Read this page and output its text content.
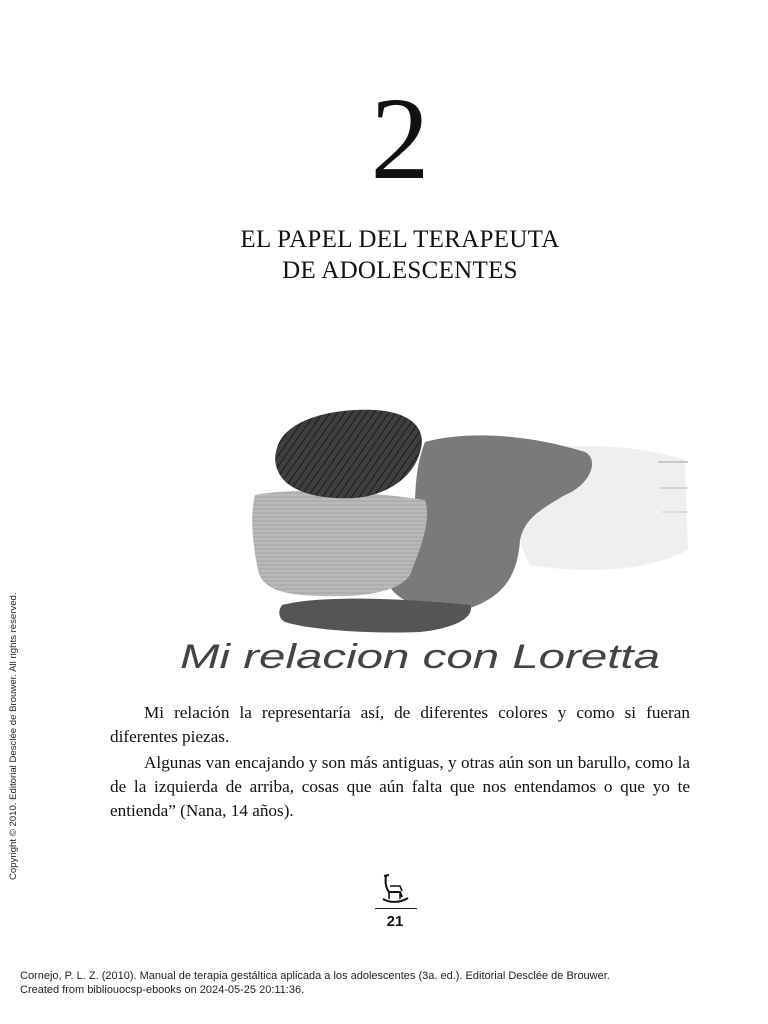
2
EL PAPEL DEL TERAPEUTA
DE ADOLESCENTES
Mi relacion con Loretta

Mi relación la representaría así, de diferentes colores y como si fueran diferentes piezas.

Algunas van encajando y son más antiguas, y otras aún son un barullo, como la de la izquierda de arriba, cosas que aún falta que nos entendamos o que yo te entienda” (Nana, 14 años).

21
Copyright © 2010. Editorial Desclée de Brouwer. All rights reserved.
Cornejo, P. L. Z. (2010). Manual de terapia gestáltica aplicada a los adolescentes (3a. ed.). Editorial Desclée de Brouwer.
Created from bibliouocsp-ebooks on 2024-05-25 20:11:36.
